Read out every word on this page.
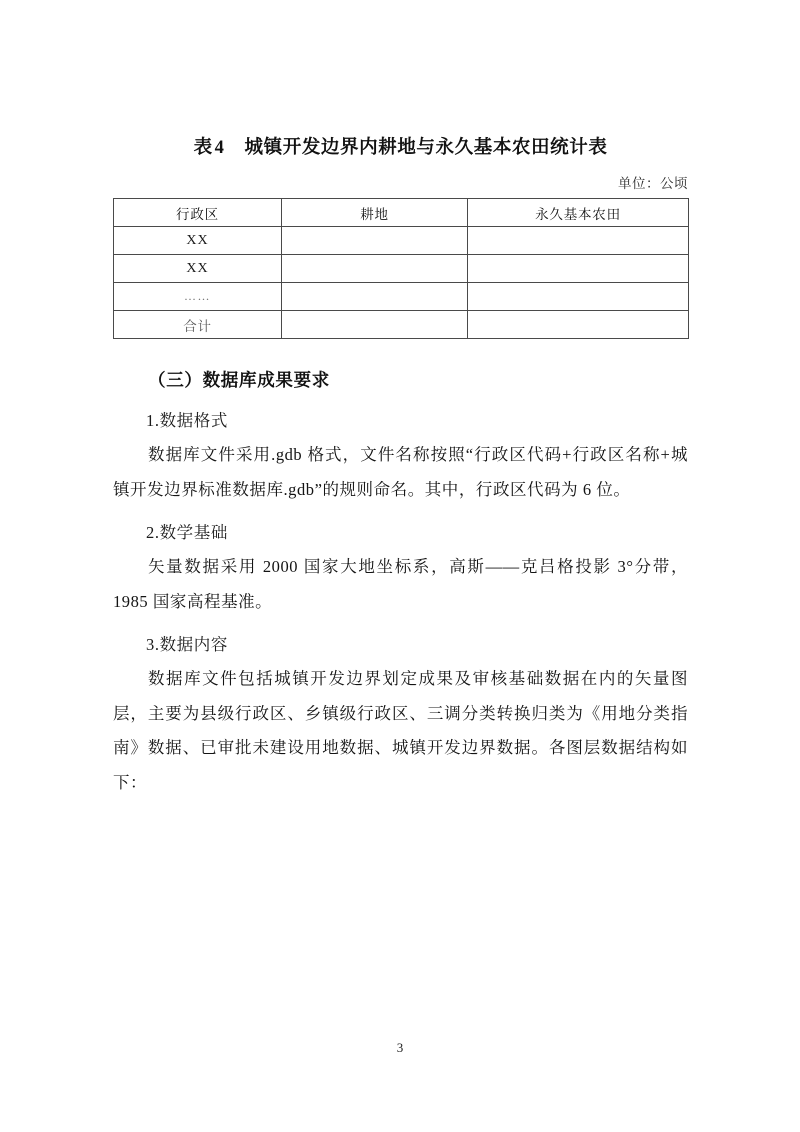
表 4 城镇开发边界内耕地与永久基本农田统计表
单位：公顷
行政区	耕地	永久基本农田
XX		
XX		
……		
合计		
（三）数据库成果要求
1.数据格式
数据库文件采用.gdb 格式，文件名称按照“行政区代码+行政区名称+城镇开发边界标准数据库.gdb”的规则命名。其中，行政区代码为 6 位。
2.数学基础
矢量数据采用 2000 国家大地坐标系，高斯——克吕格投影 3°分带，1985 国家高程基准。
3.数据内容
数据库文件包括城镇开发边界划定成果及审核基础数据在内的矢量图层，主要为县级行政区、乡镇级行政区、三调分类转换归类为《用地分类指南》数据、已审批未建设用地数据、城镇开发边界数据。各图层数据结构如下：
3
